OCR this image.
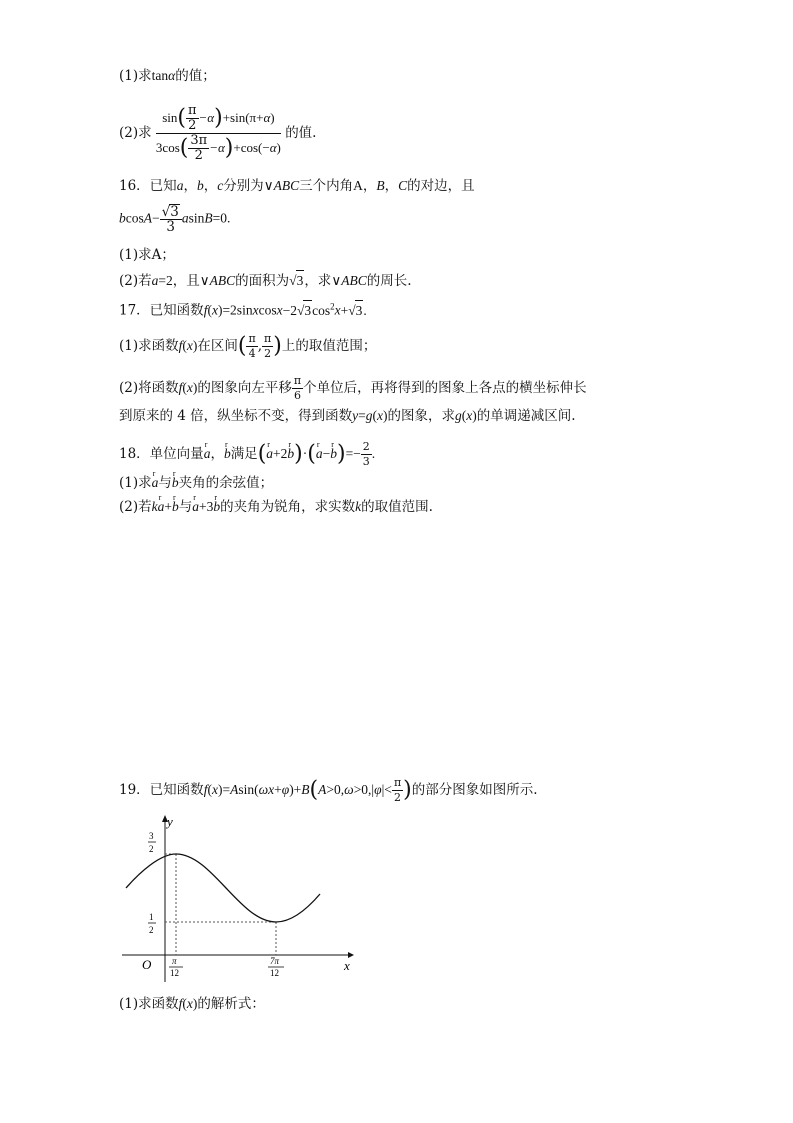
(1)求tanα的值；
(2)求 $\frac{\sin( \frac{\pi}{2} -\alpha)+\sin(\pi+\alpha)}{3\cos( \frac{3\pi}{2} -\alpha)+\cos(-\alpha)}$ 的值.
16．已知a，b，c分别为∨ABC三个内角A，B，C的对边，且
$bcosA- \frac{√3}{3} asinB=0$.
(1)求A；
(2)若a=2，且∨ABC的面积为√3，求∨ABC的周长.
17．已知函数$f(x)=2sinxcosx-2√3\cos^2x+√3$.
(1)求函数f(x)在区间( $\frac{\pi}{4}$ , $\frac{\pi}{2}$ )上的取值范围；
(2)将函数f(x)的图象向左平移 $\frac{\pi}{6}$ 个单位后，再将得到的图象上各点的横坐标伸长
到原来的 4 倍，纵坐标不变，得到函数y=g(x)的图象，求g(x)的单调递减区间.
18．单位向量r a，r b满足(r a+2r b)·(r a−r $b)=- \frac{2}{3}$ .
(1)求r a与r b夹角的余弦值；
(2)若kr a+r b与r a+3r b的夹角为锐角，求实数k的取值范围.
19．已知函数$f(x)=Asin(\omega x+\varphi)+B(A>0,\omega>0,|\varphi|< \frac{\pi}{2}$ )的部分图象如图所示.
y
x
O
3
2
1
2
π
12
7π
12
(1)求函数f(x)的解析式：
